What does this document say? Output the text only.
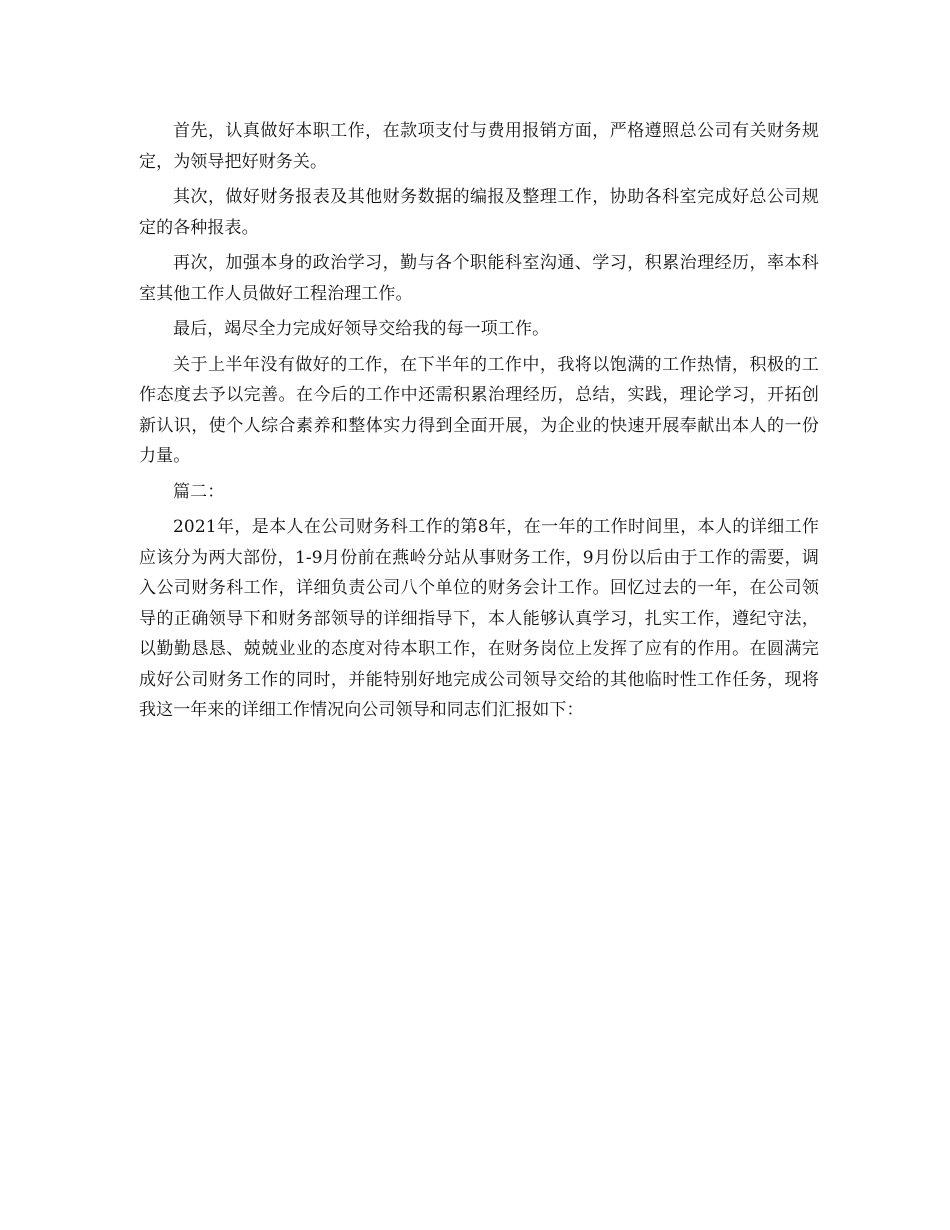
首先，认真做好本职工作，在款项支付与费用报销方面，严格遵照总公司有关财务规定，为领导把好财务关。

其次，做好财务报表及其他财务数据的编报及整理工作，协助各科室完成好总公司规定的各种报表。

再次，加强本身的政治学习，勤与各个职能科室沟通、学习，积累治理经历，率本科室其他工作人员做好工程治理工作。

最后，竭尽全力完成好领导交给我的每一项工作。

关于上半年没有做好的工作，在下半年的工作中，我将以饱满的工作热情，积极的工作态度去予以完善。在今后的工作中还需积累治理经历，总结，实践，理论学习，开拓创新认识，使个人综合素养和整体实力得到全面开展，为企业的快速开展奉献出本人的一份力量。

篇二：

2021年，是本人在公司财务科工作的第8年，在一年的工作时间里，本人的详细工作应该分为两大部份，1-9月份前在燕岭分站从事财务工作，9月份以后由于工作的需要，调入公司财务科工作，详细负责公司八个单位的财务会计工作。回忆过去的一年，在公司领导的正确领导下和财务部领导的详细指导下，本人能够认真学习，扎实工作，遵纪守法，以勤勤恳恳、兢兢业业的态度对待本职工作，在财务岗位上发挥了应有的作用。在圆满完成好公司财务工作的同时，并能特别好地完成公司领导交给的其他临时性工作任务，现将我这一年来的详细工作情况向公司领导和同志们汇报如下：
